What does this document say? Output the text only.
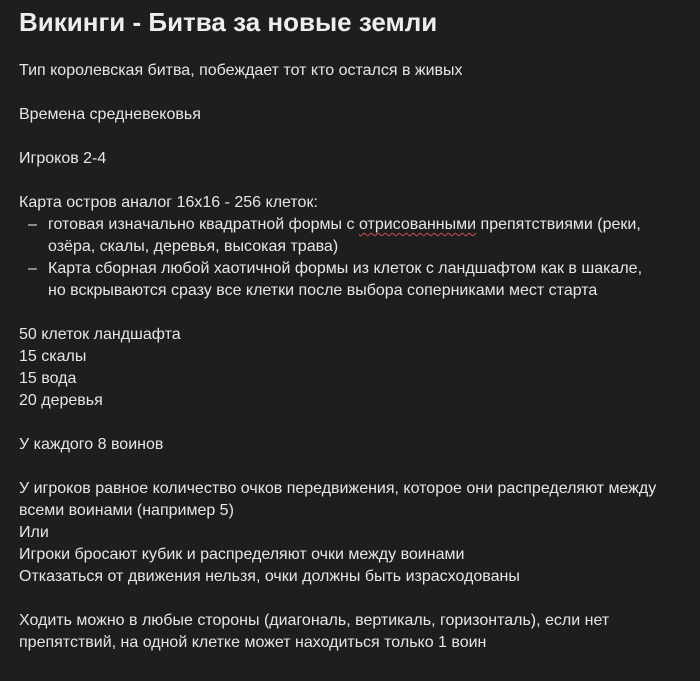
Викинги - Битва за новые земли

Тип королевская битва, побеждает тот кто остался в живых

Времена средневековья

Игроков 2-4

Карта остров аналог 16х16 - 256 клеток:

– готовая изначально квадратной формы с отрисованными препятствиями (реки, озёра, скалы, деревья, высокая трава)
– Карта сборная любой хаотичной формы из клеток с ландшафтом как в шакале, но вскрываются сразу все клетки после выбора соперниками мест старта

50 клеток ландшафта

15 скалы

15 вода

20 деревья

У каждого 8 воинов

У игроков равное количество очков передвижения, которое они распределяют между всеми воинами (например 5)

Или

Игроки бросают кубик и распределяют очки между воинами

Отказаться от движения нельзя, очки должны быть израсходованы

Ходить можно в любые стороны (диагональ, вертикаль, горизонталь), если нет препятствий, на одной клетке может находиться только 1 воин
